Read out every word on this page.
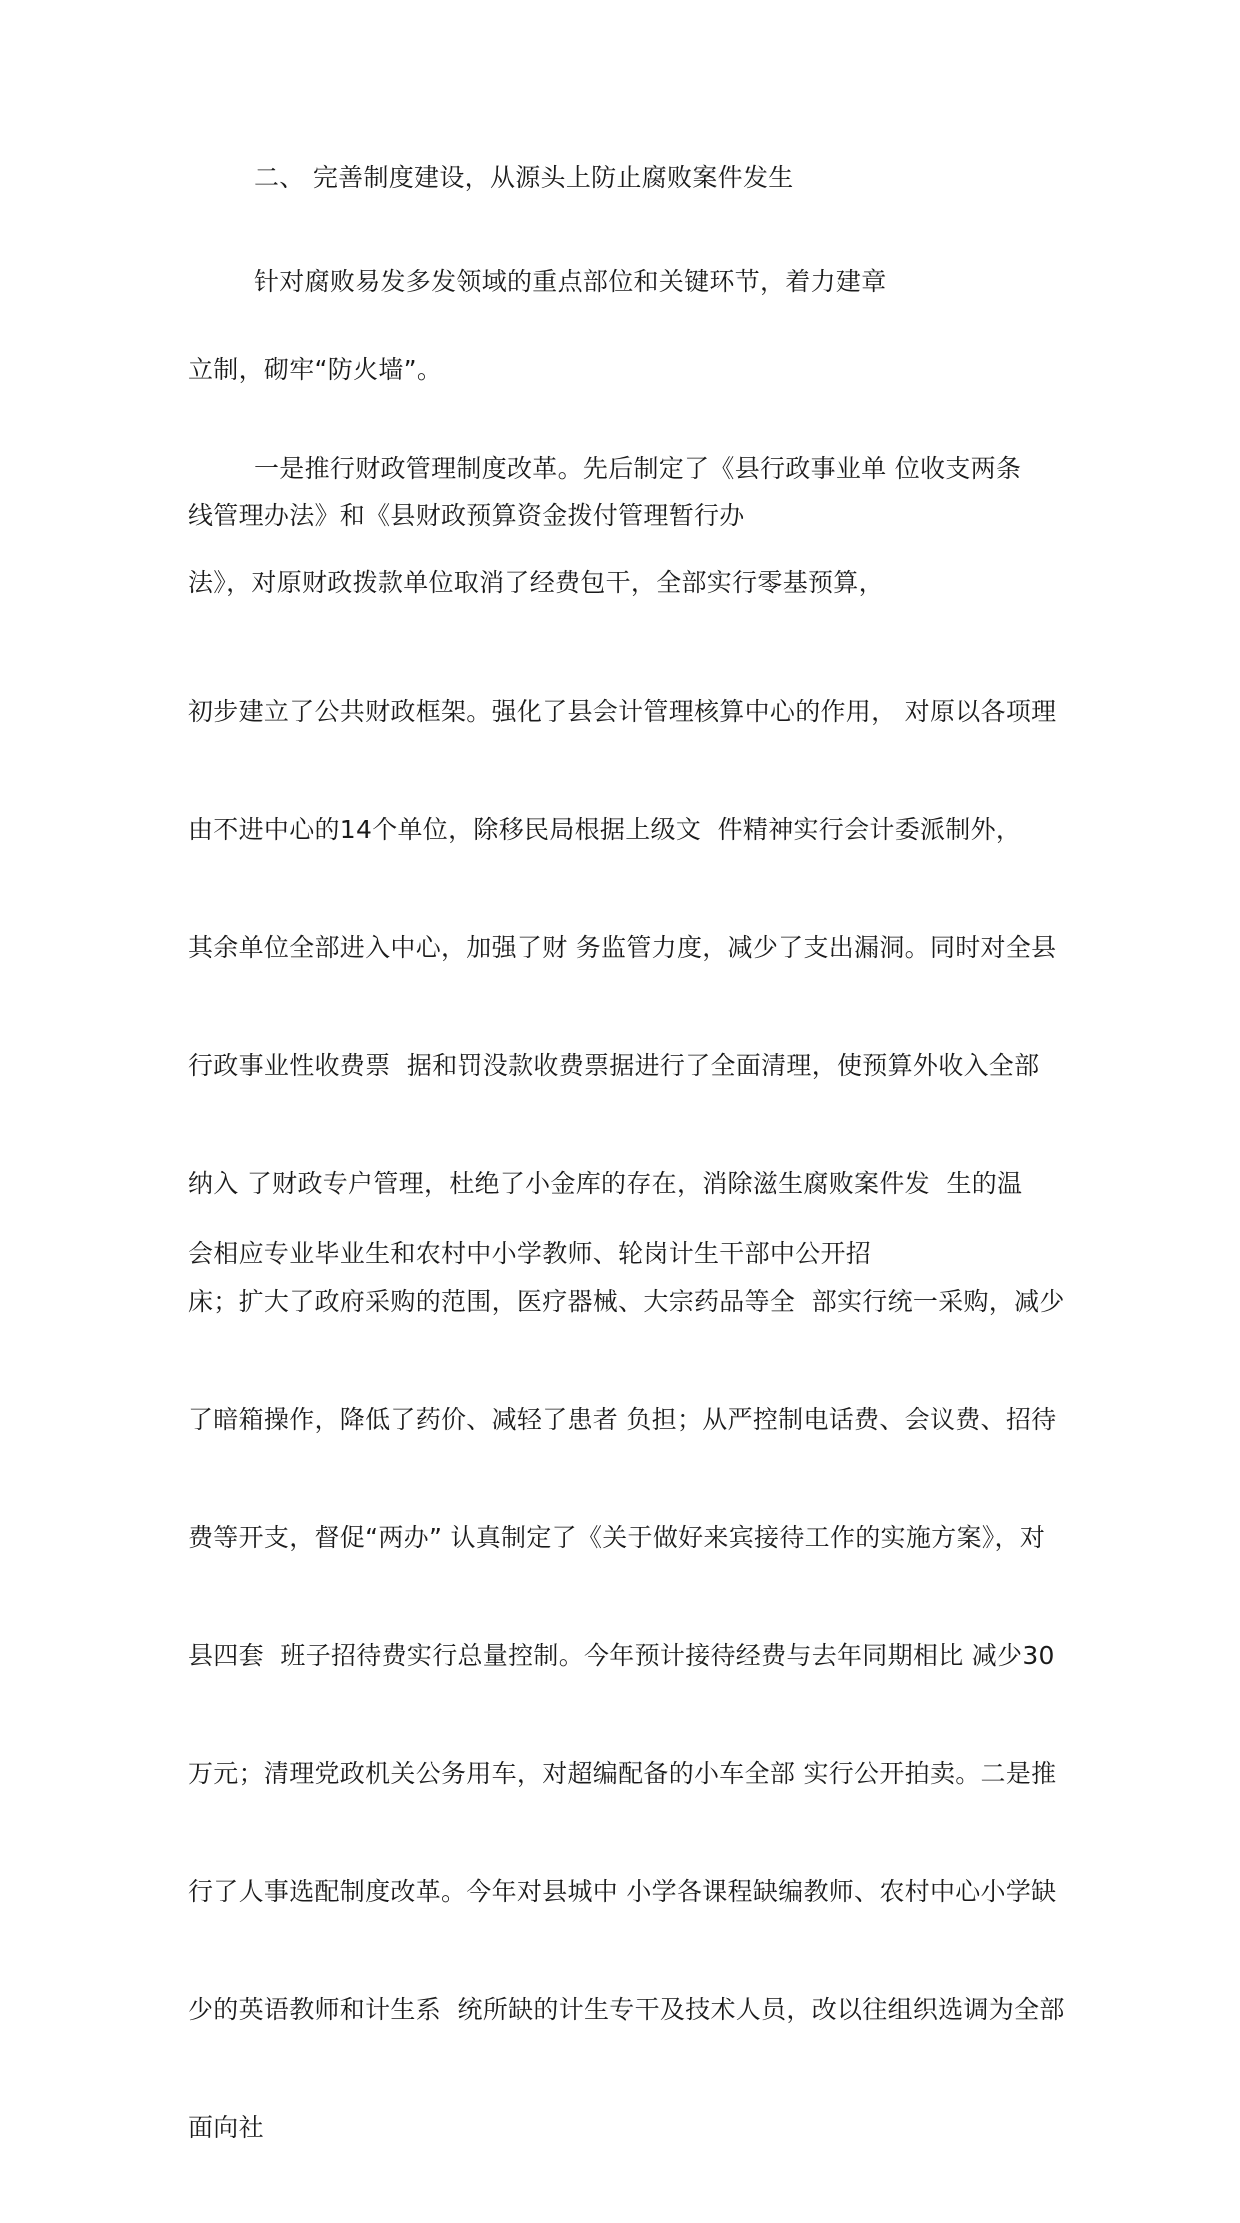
二、 完善制度建设，从源头上防止腐败案件发生
针对腐败易发多发领域的重点部位和关键环节，着力建章
立制，砌牢“防火墙”。
一是推行财政管理制度改革。先后制定了《县行政事业单 位收支两条
线管理办法》和《县财政预算资金拨付管理暂行办
法》，对原财政拨款单位取消了经费包干，全部实行零基预算，

初步建立了公共财政框架。强化了县会计管理核算中心的作用， 对原以各项理

由不进中心的14个单位，除移民局根据上级文  件精神实行会计委派制外，

其余单位全部进入中心，加强了财 务监管力度，减少了支出漏洞。同时对全县

行政事业性收费票  据和罚没款收费票据进行了全面清理，使预算外收入全部

纳入 了财政专户管理，杜绝了小金库的存在，消除滋生腐败案件发  生的温

床；扩大了政府采购的范围，医疗器械、大宗药品等全  部实行统一采购，减少

了暗箱操作，降低了药价、减轻了患者 负担；从严控制电话费、会议费、招待

费等开支，督促“两办” 认真制定了《关于做好来宾接待工作的实施方案》，对

县四套  班子招待费实行总量控制。今年预计接待经费与去年同期相比 减少30

万元；清理党政机关公务用车，对超编配备的小车全部 实行公开拍卖。二是推

行了人事选配制度改革。今年对县城中 小学各课程缺编教师、农村中心小学缺

少的英语教师和计生系  统所缺的计生专干及技术人员，改以往组织选调为全部

面向社

会相应专业毕业生和农村中小学教师、轮岗计生干部中公开招
